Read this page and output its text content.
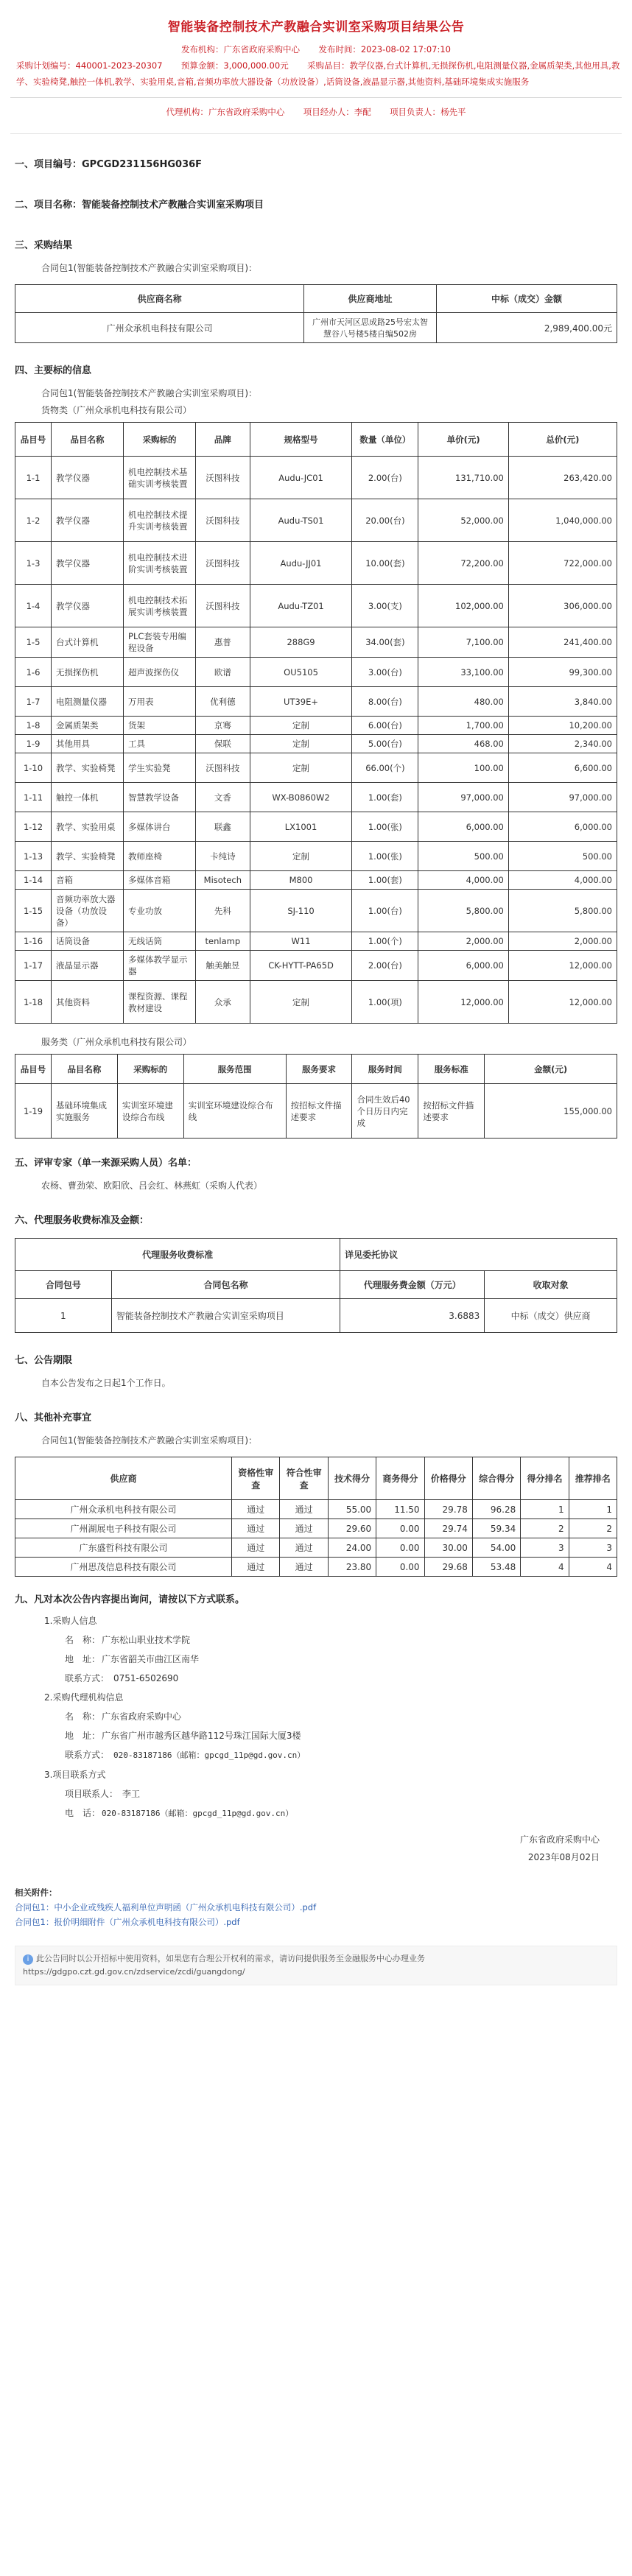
智能装备控制技术产教融合实训室采购项目结果公告
发布机构：广东省政府采购中心 发布时间：2023-08-02 17:07:10
采购计划编号：440001-2023-20307 预算金额：3,000,000.00元 采购品目：教学仪器,台式计算机,无损探伤机,电阻测量仪器,金属质架类,其他用具,教学、实验椅凳,触控一体机,教学、实验用桌,音箱,音频功率放大器设备（功放设备）,话筒设备,液晶显示器,其他资料,基础环境集成实施服务
代理机构：广东省政府采购中心 项目经办人：李配 项目负责人：杨先平
一、项目编号：GPCGD231156HG036F
二、项目名称：智能装备控制技术产教融合实训室采购项目
三、采购结果
合同包1(智能装备控制技术产教融合实训室采购项目)：
供应商名称	供应商地址	中标（成交）金额
广州众承机电科技有限公司	广州市天河区思成路25号宏太智慧谷八号楼5楼自编502房	2,989,400.00元
四、主要标的信息
合同包1(智能装备控制技术产教融合实训室采购项目)：
货物类（广州众承机电科技有限公司）
品目号	品目名称	采购标的	品牌	规格型号	数量（单位）	单价(元)	总价(元)
1-1	教学仪器	机电控制技术基础实训考核装置	沃图科技	Audu-JC01	2.00(台)	131,710.00	263,420.00
1-2	教学仪器	机电控制技术提升实训考核装置	沃图科技	Audu-TS01	20.00(台)	52,000.00	1,040,000.00
1-3	教学仪器	机电控制技术进阶实训考核装置	沃图科技	Audu-JJ01	10.00(套)	72,200.00	722,000.00
1-4	教学仪器	机电控制技术拓展实训考核装置	沃图科技	Audu-TZ01	3.00(支)	102,000.00	306,000.00
1-5	台式计算机	PLC套装专用编程设备	惠普	288G9	34.00(套)	7,100.00	241,400.00
1-6	无损探伤机	超声波探伤仪	欧谱	OU5105	3.00(台)	33,100.00	99,300.00
1-7	电阻测量仪器	万用表	优利德	UT39E+	8.00(台)	480.00	3,840.00
1-8	金属质架类	货架	京骞	定制	6.00(台)	1,700.00	10,200.00
1-9	其他用具	工具	保联	定制	5.00(台)	468.00	2,340.00
1-10	教学、实验椅凳	学生实验凳	沃图科技	定制	66.00(个)	100.00	6,600.00
1-11	触控一体机	智慧教学设备	文香	WX-B0860W2	1.00(套)	97,000.00	97,000.00
1-12	教学、实验用桌	多媒体讲台	联鑫	LX1001	1.00(张)	6,000.00	6,000.00
1-13	教学、实验椅凳	教师座椅	卡纯诗	定制	1.00(张)	500.00	500.00
1-14	音箱	多媒体音箱	Misotech	M800	1.00(套)	4,000.00	4,000.00
1-15	音频功率放大器设备（功放设备）	专业功放	先科	SJ-110	1.00(台)	5,800.00	5,800.00
1-16	话筒设备	无线话筒	tenlamp	W11	1.00(个)	2,000.00	2,000.00
1-17	液晶显示器	多媒体教学显示器	触美触昱	CK-HYTT-PA65D	2.00(台)	6,000.00	12,000.00
1-18	其他资料	课程资源、课程教材建设	众承	定制	1.00(项)	12,000.00	12,000.00
服务类（广州众承机电科技有限公司）
品目号	品目名称	采购标的	服务范围	服务要求	服务时间	服务标准	金额(元)
1-19	基础环境集成实施服务	实训室环境建设综合布线	实训室环境建设综合布线	按招标文件描述要求	合同生效后40个日历日内完成	按招标文件描述要求	155,000.00
五、评审专家（单一来源采购人员）名单：
农杨、曹劲荣、欧阳欣、吕会红、林燕虹（采购人代表）
六、代理服务收费标准及金额：
代理服务收费标准		详见委托协议	
合同包号	合同包名称	代理服务费金额（万元）	收取对象
1	智能装备控制技术产教融合实训室采购项目	3.6883	中标（成交）供应商
七、公告期限
自本公告发布之日起1个工作日。
八、其他补充事宜
合同包1(智能装备控制技术产教融合实训室采购项目)：
供应商	资格性审查	符合性审查	技术得分	商务得分	价格得分	综合得分	得分排名	推荐排名
广州众承机电科技有限公司	通过	通过	55.00	11.50	29.78	96.28	1	1
广州湖展电子科技有限公司	通过	通过	29.60	0.00	29.74	59.34	2	2
广东盛哲科技有限公司	通过	通过	24.00	0.00	30.00	54.00	3	3
广州思茂信息科技有限公司	通过	通过	23.80	0.00	29.68	53.48	4	4
九、凡对本次公告内容提出询问，请按以下方式联系。
1.采购人信息
名　称： 广东松山职业技术学院
地　址： 广东省韶关市曲江区南华
联系方式： 0751-6502690
2.采购代理机构信息
名　称： 广东省政府采购中心
地　址： 广东省广州市越秀区越华路112号珠江国际大厦3楼
联系方式： 020-83187186（邮箱：gpcgd_11p@gd.gov.cn）
3.项目联系方式
项目联系人： 李工
电　话： 020-83187186（邮箱：gpcgd_11p@gd.gov.cn）
广东省政府采购中心
2023年08月02日
相关附件：
合同包1：中小企业或残疾人福利单位声明函（广州众承机电科技有限公司）.pdf
合同包1：报价明细附件（广州众承机电科技有限公司）.pdf
i 此公告同时以公开招标中使用资料，如果您有合理公开权利的需求，请访问提供服务至金融服务中心办理业务
https://gdgpo.czt.gd.gov.cn/zdservice/zcdi/guangdong/
